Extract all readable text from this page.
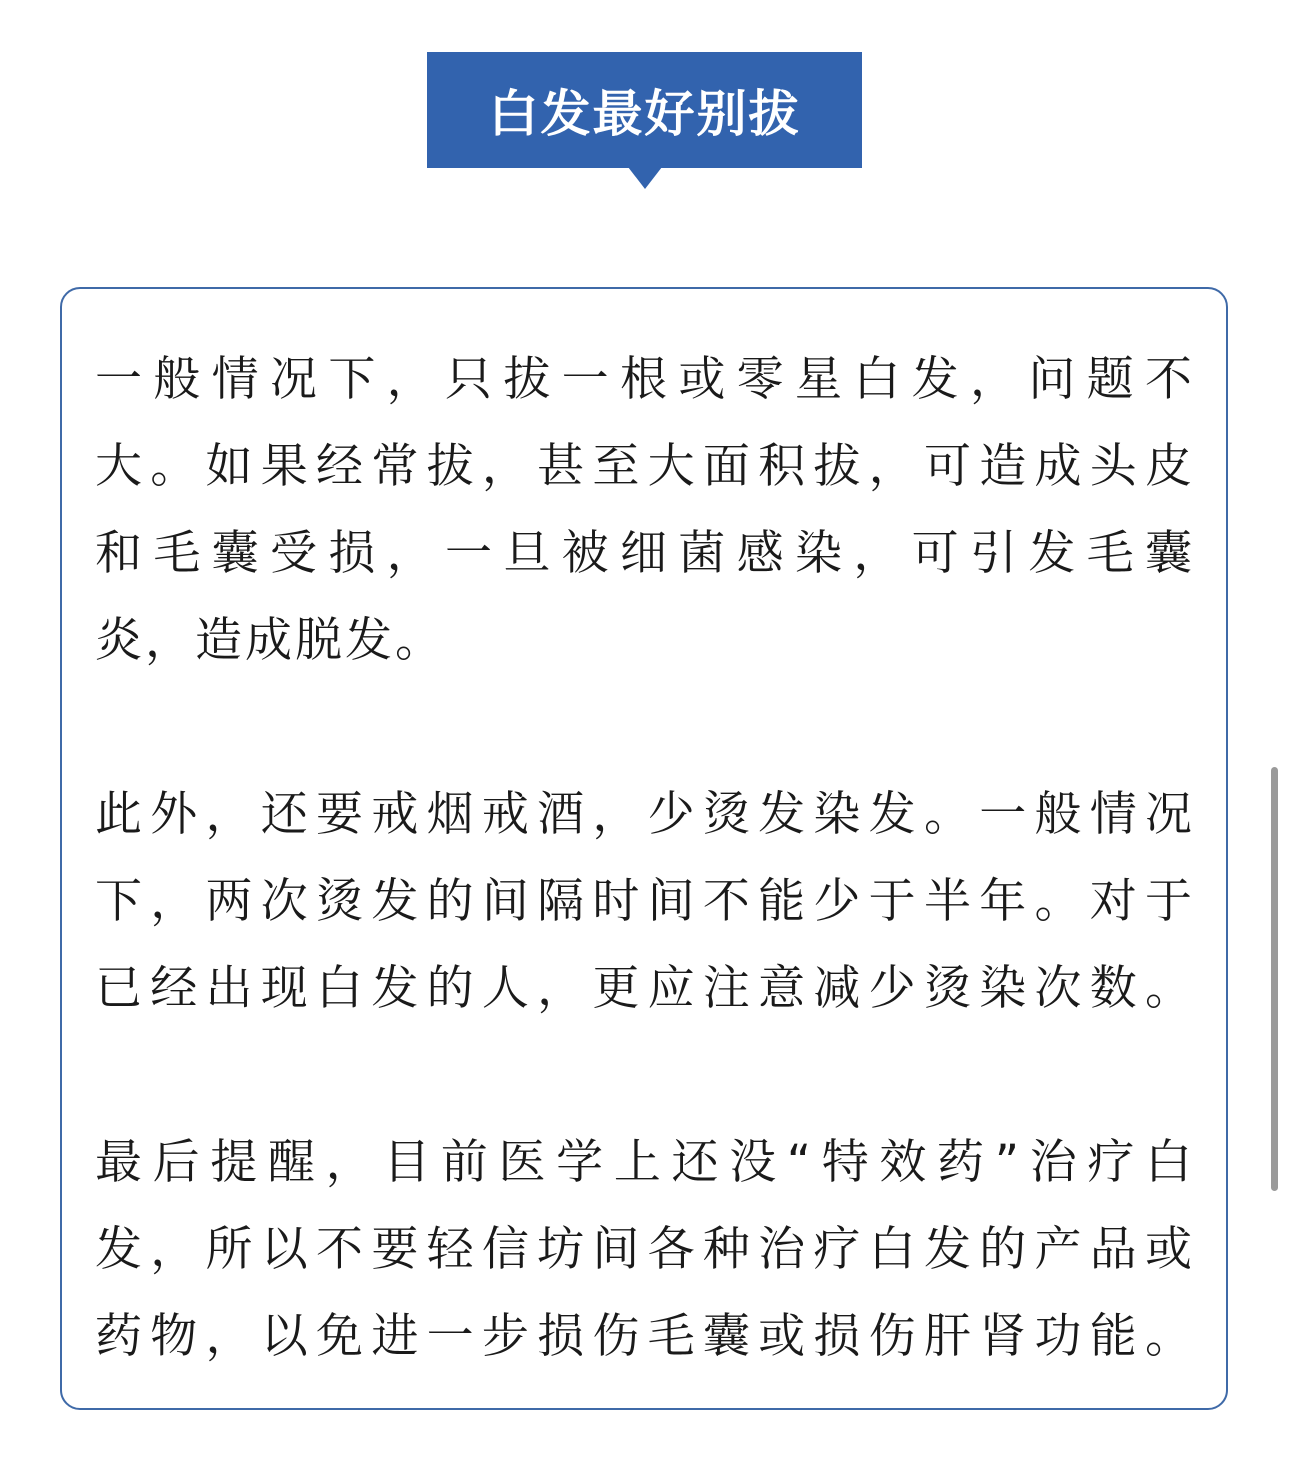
白发最好别拔
一般情况下，只拔一根或零星白发，问题不
大。如果经常拔，甚至大面积拔，可造成头皮
和毛囊受损，一旦被细菌感染，可引发毛囊
炎，造成脱发。
此外，还要戒烟戒酒，少烫发染发。一般情况
下，两次烫发的间隔时间不能少于半年。对于
已经出现白发的人，更应注意减少烫染次数。
最后提醒，目前医学上还没“特效药”治疗白
发，所以不要轻信坊间各种治疗白发的产品或
药物，以免进一步损伤毛囊或损伤肝肾功能。
